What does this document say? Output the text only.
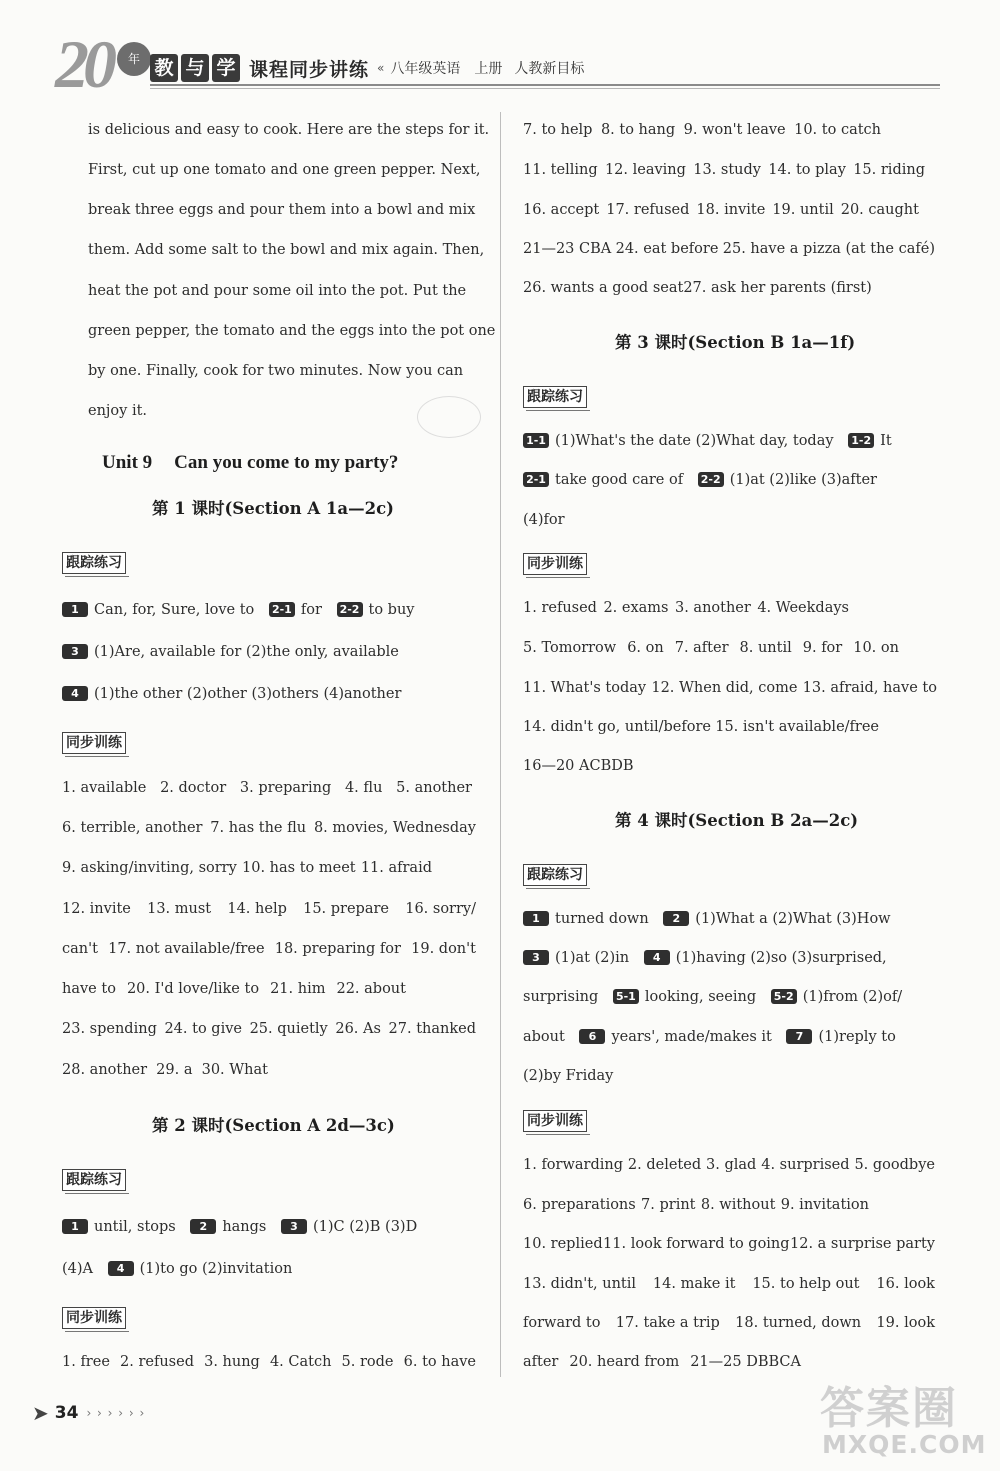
20	年 教 与 学 课程同步讲练 « 八年级英语 上册 人教新目标
is delicious and easy to cook. Here are the steps for it.
First, cut up one tomato and one green pepper. Next,
break three eggs and pour them into a bowl and mix
them. Add some salt to the bowl and mix again. Then,
heat the pot and pour some oil into the pot. Put the
green pepper, the tomato and the eggs into the pot one
by one. Finally, cook for two minutes. Now you can
enjoy it.
Unit 9 Can you come to my party?
第 1 课时(Section A 1a—2c)
跟踪练习
1 Can, for, Sure, love to 2-1 for 2-2 to buy
3 (1)Are, available for (2)the only, available
4 (1)the other (2)other (3)others (4)another
同步训练
1. available 2. doctor 3. preparing 4. flu 5. another
6. terrible, another 7. has the flu 8. movies, Wednesday
9. asking/inviting, sorry 10. has to meet 11. afraid
12. invite 13. must 14. help 15. prepare 16. sorry/
can't 17. not available/free 18. preparing for 19. don't
have to 20. I'd love/like to 21. him 22. about
23. spending 24. to give 25. quietly 26. As 27. thanked
28. another 29. a 30. What
第 2 课时(Section A 2d—3c)
跟踪练习
1 until, stops 2 hangs 3 (1)C (2)B (3)D
(4)A 4 (1)to go (2)invitation
同步训练
1. free 2. refused 3. hung 4. Catch 5. rode 6. to have
7. to help 8. to hang 9. won't leave 10. to catch
11. telling 12. leaving 13. study 14. to play 15. riding
16. accept 17. refused 18. invite 19. until 20. caught
21—23 CBA 24. eat before 25. have a pizza (at the café)
26. wants a good seat 27. ask her parents (first)
第 3 课时(Section B 1a—1f)
跟踪练习
1-1 (1)What's the date (2)What day, today 1-2 It
2-1 take good care of 2-2 (1)at (2)like (3)after
(4)for
同步训练
1. refused 2. exams 3. another 4. Weekdays
5. Tomorrow 6. on 7. after 8. until 9. for 10. on
11. What's today 12. When did, come 13. afraid, have to
14. didn't go, until/before 15. isn't available/free
16—20 ACBDB
第 4 课时(Section B 2a—2c)
跟踪练习
1 turned down 2 (1)What a (2)What (3)How
3 (1)at (2)in 4 (1)having (2)so (3)surprised,
surprising 5-1 looking, seeing 5-2 (1)from (2)of/
about 6 years', made/makes it 7 (1)reply to
(2)by Friday
同步训练
1. forwarding 2. deleted 3. glad 4. surprised 5. goodbye
6. preparations 7. print 8. without 9. invitation
10. replied 11. look forward to going 12. a surprise party
13. didn't, until 14. make it 15. to help out 16. look
forward to 17. take a trip 18. turned, down 19. look
after 20. heard from 21—25 DBBCA
➤ 34 › › › › › ›	答案圈
MXQE.COM
